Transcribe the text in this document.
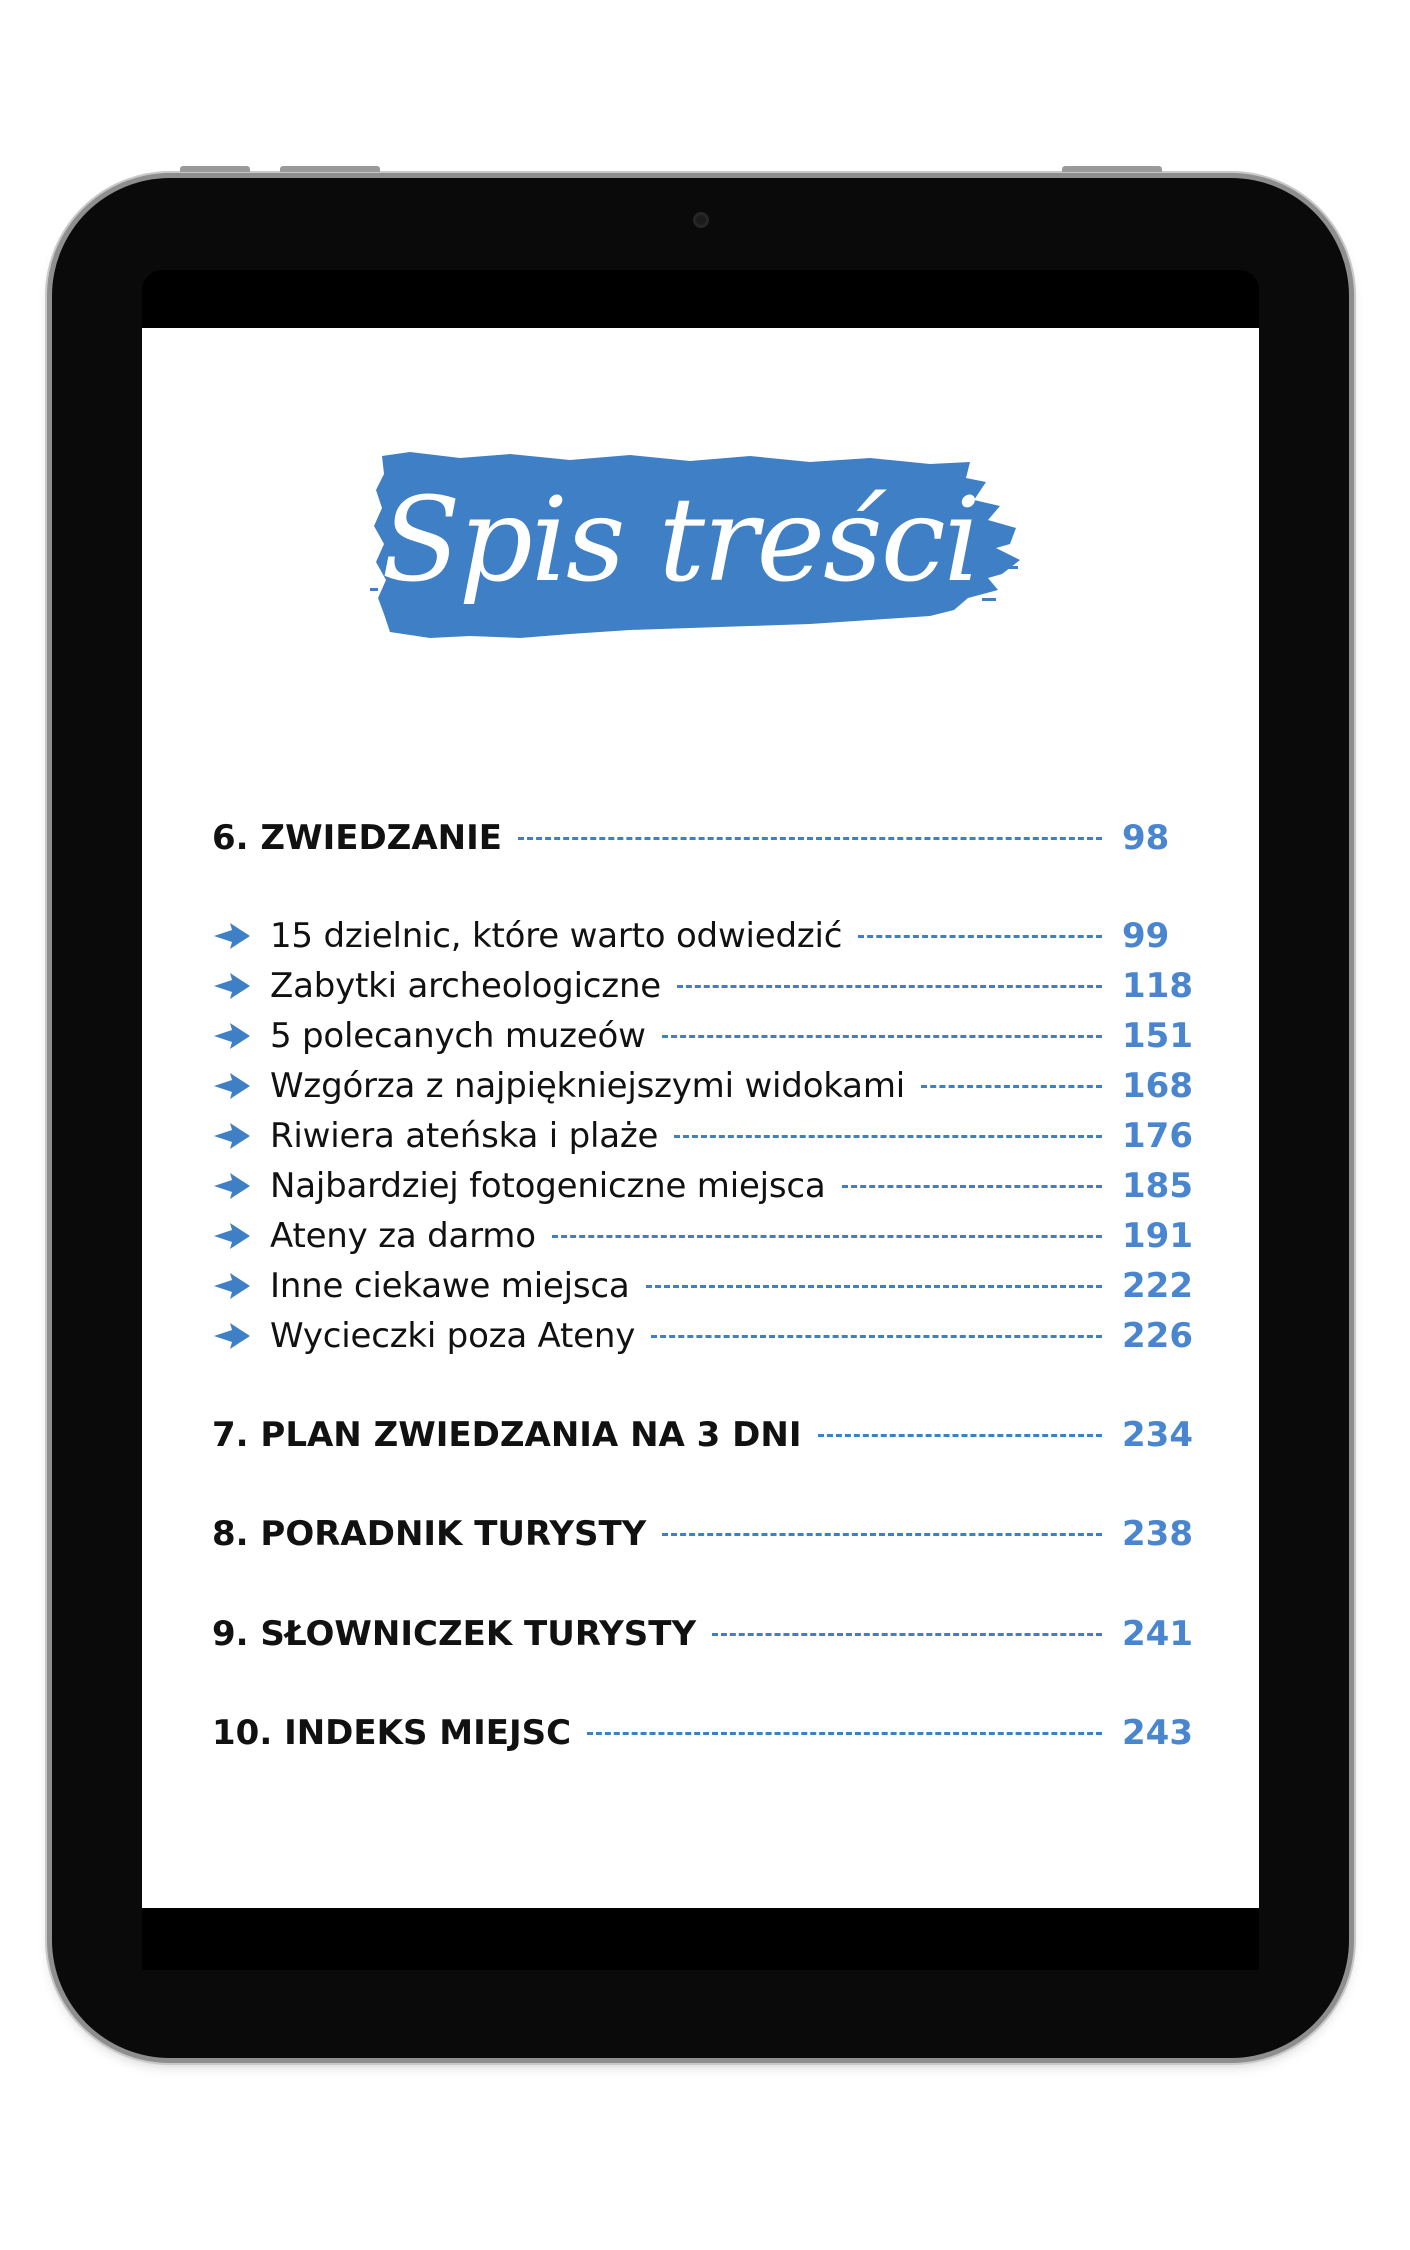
Spis treści
6. ZWIEDZANIE	98
15 dzielnic, które warto odwiedzić	99
Zabytki archeologiczne	118
5 polecanych muzeów	151
Wzgórza z najpiękniejszymi widokami	168
Riwiera ateńska i plaże	176
Najbardziej fotogeniczne miejsca	185
Ateny za darmo	191
Inne ciekawe miejsca	222
Wycieczki poza Ateny	226
7. PLAN ZWIEDZANIA NA 3 DNI	234
8. PORADNIK TURYSTY	238
9. SŁOWNICZEK TURYSTY	241
10. INDEKS MIEJSC	243
